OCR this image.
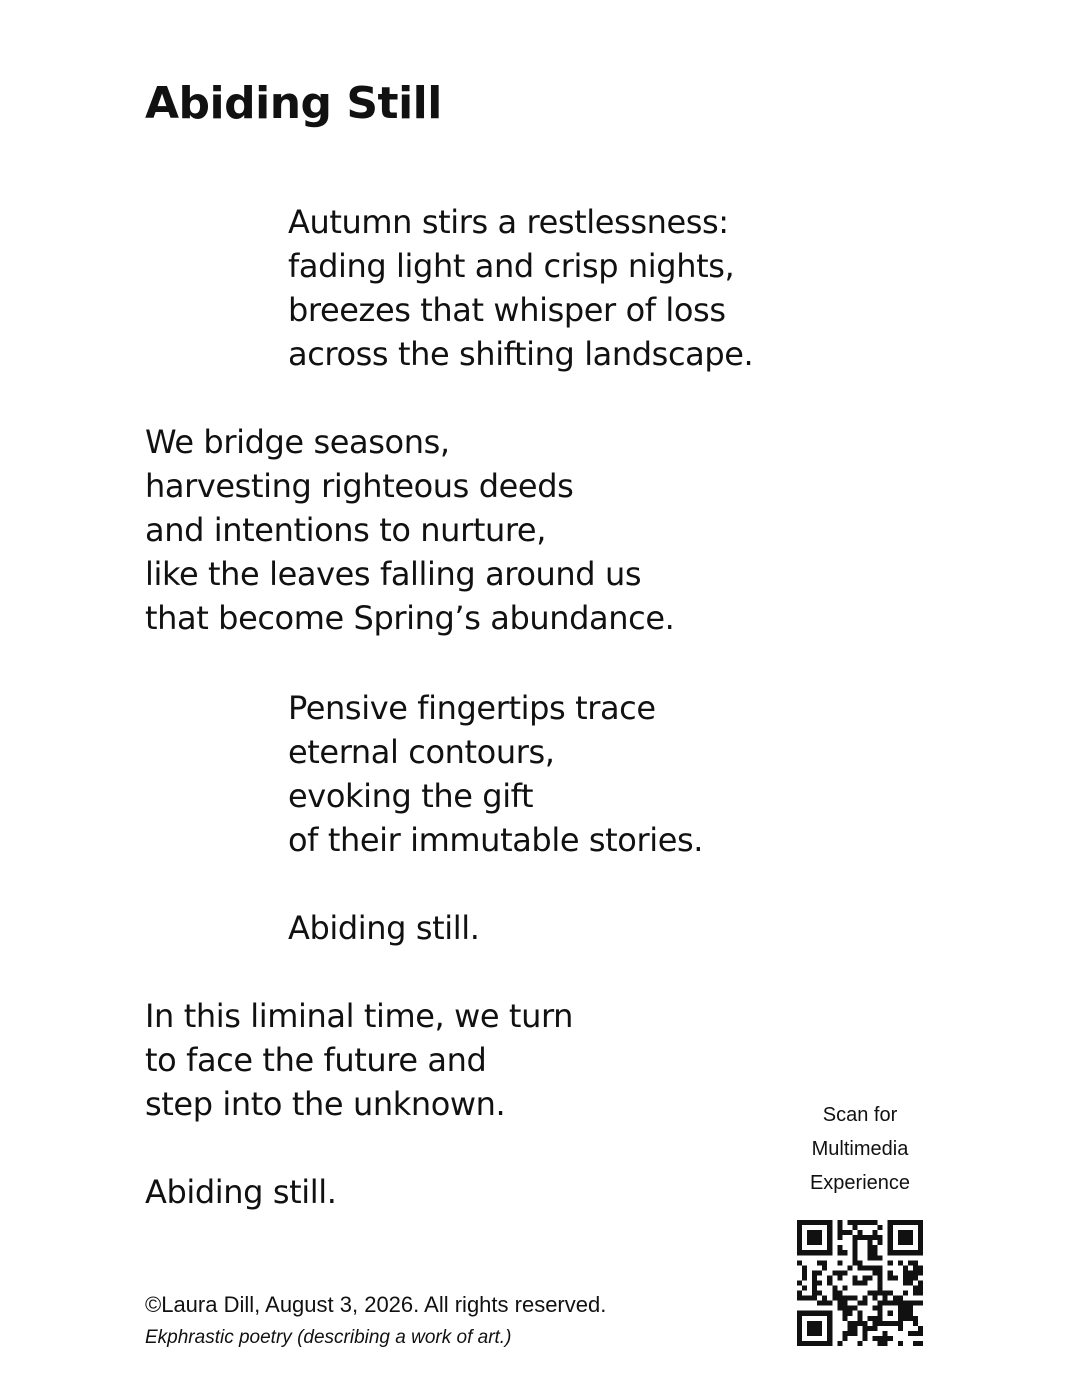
Abiding Still
Autumn stirs a restlessness:
fading light and crisp nights,
breezes that whisper of loss
across the shifting landscape.
We bridge seasons,
harvesting righteous deeds
and intentions to nurture,
like the leaves falling around us
that become Spring’s abundance.
Pensive fingertips trace
eternal contours,
evoking the gift
of their immutable stories.
Abiding still.
In this liminal time, we turn
to face the future and
step into the unknown.
Abiding still.
©Laura Dill, August 3, 2026. All rights reserved.
Ekphrastic poetry (describing a work of art.)
Scan for
Multimedia
Experience
